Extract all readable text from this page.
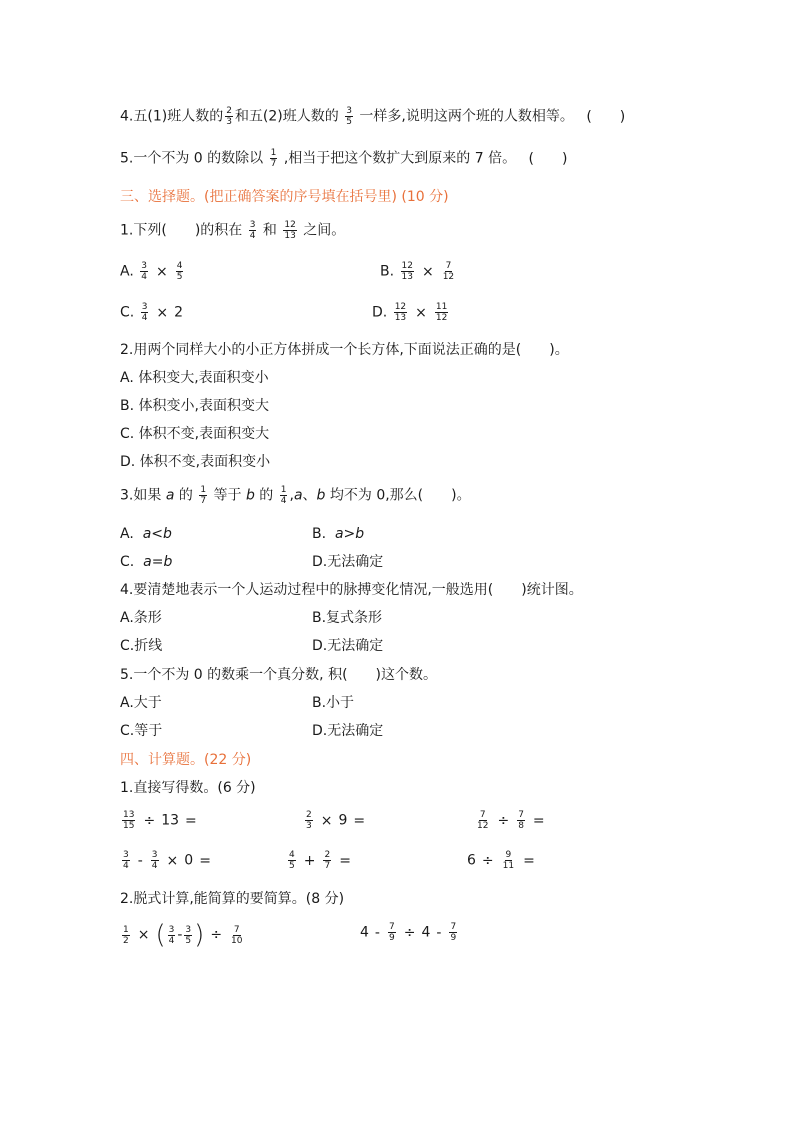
4.五(1)班人数的 $\frac{2}{3}$ 和五(2)班人数的 $\frac{3}{5}$ 一样多,说明这两个班的人数相等。 (　　)
5.一个不为 0 的数除以 $\frac{1}{7}$ ,相当于把这个数扩大到原来的 7 倍。 (　　)
三、选择题。(把正确答案的序号填在括号里) (10 分)
1.下列(　　)的积在 $\frac{3}{4}$ 和 $\frac{12}{13}$ 之间。
A. $\frac{3}{4} \times \frac{4}{5}$	B. $\frac{12}{13} \times \frac{7}{12}$
C. $\frac{3}{4} \times 2$	D. $\frac{12}{13} \times \frac{11}{12}$
2.用两个同样大小的小正方体拼成一个长方体,下面说法正确的是(　　)。
A. 体积变大,表面积变小
B. 体积变小,表面积变大
C. 体积不变,表面积变大
D. 体积不变,表面积变小
3.如果 a 的 $\frac{1}{7}$ 等于 b 的 $\frac{1}{4} ,a$、b 均不为 0,那么(　　)。
A. a<b	B. a>b
C. a=b	D.无法确定
4.要清楚地表示一个人运动过程中的脉搏变化情况,一般选用(　　)统计图。
A.条形	B.复式条形
C.折线	D.无法确定
5.一个不为 0 的数乘一个真分数, 积(　　)这个数。
A.大于	B.小于
C.等于	D.无法确定
四、计算题。(22 分)
1.直接写得数。(6 分)
$\frac{13}{15} \div 13$ =	$\frac{2}{3} \times 9$ =	$\frac{7}{12} \div \frac{7}{8}$ =
$\frac{3}{4} - \frac{3}{4} \times 0$ =	$\frac{4}{5} + \frac{2}{7}$ =	$6 \div \frac{9}{11}$ =
2.脱式计算,能简算的要简算。(8 分)
$\frac{1}{2}$ × ( $\frac{3}{4} - \frac{3}{5}$ ) ÷ $\frac{7}{10}$	$4 - \frac{7}{9} \div 4 - \frac{7}{9}$
